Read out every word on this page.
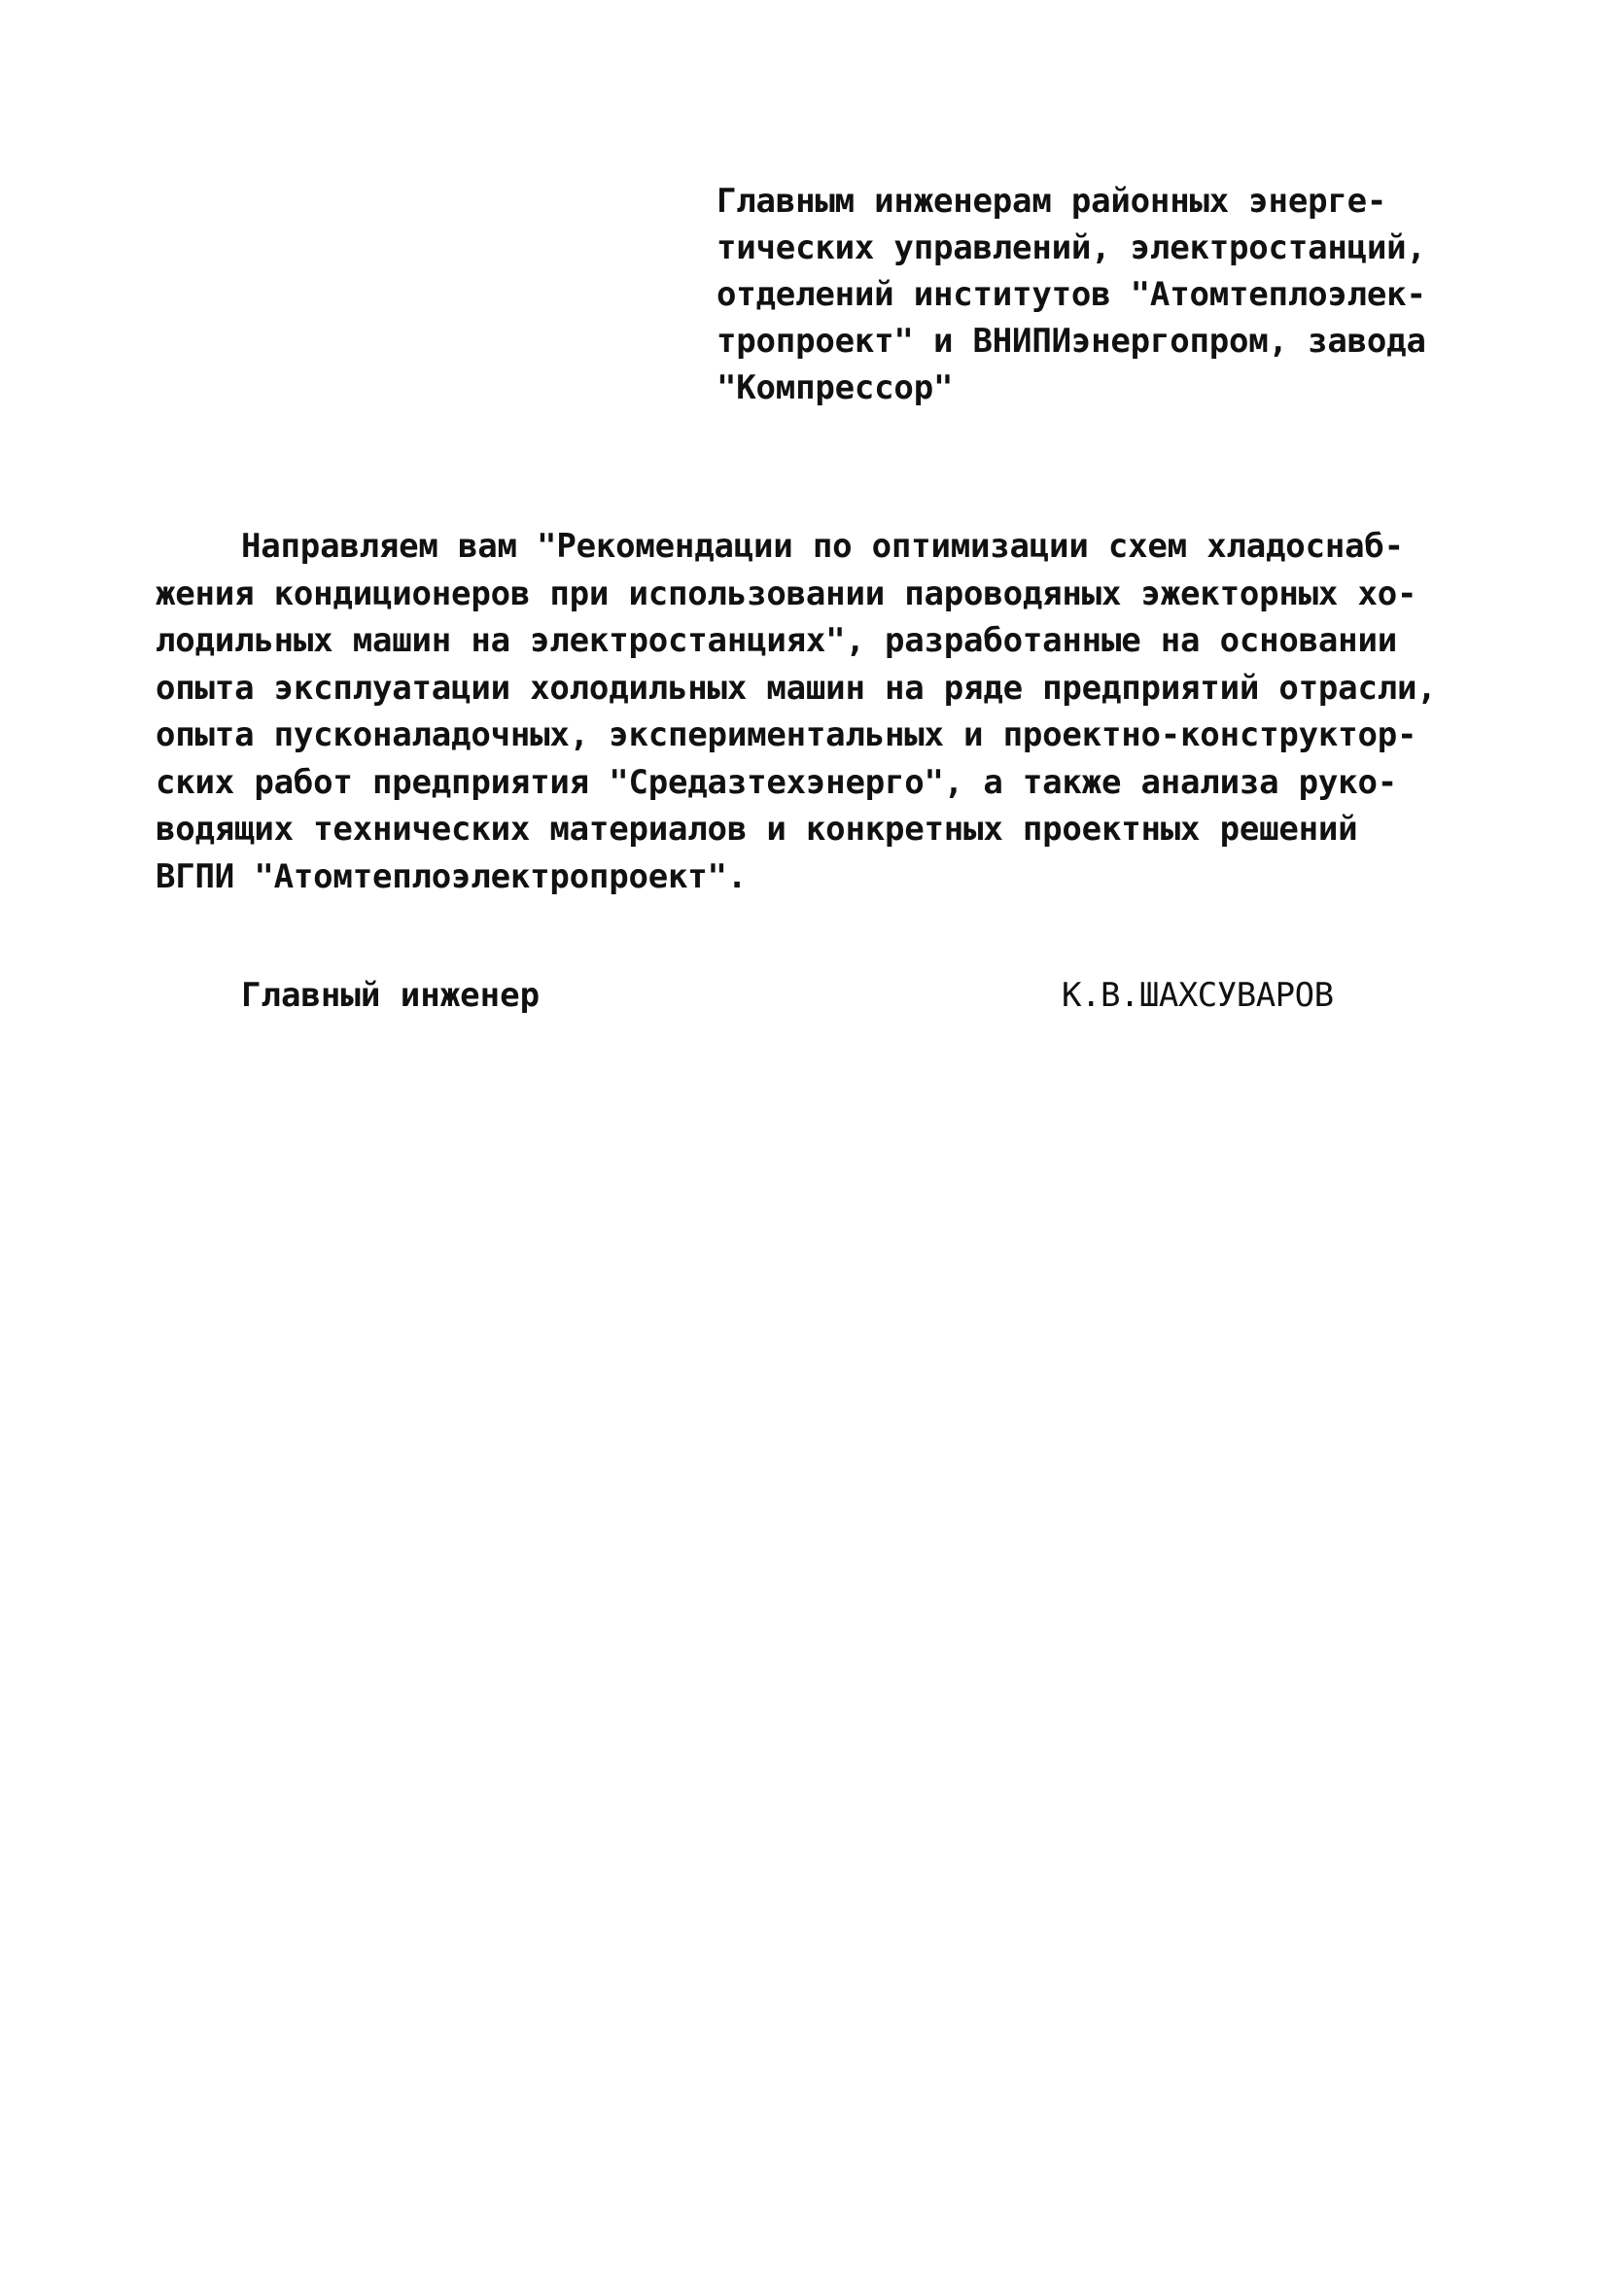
Главным инженерам районных энерге-
тических управлений, электростанций,
отделений институтов "Атомтеплоэлек-
тропроект" и ВНИПИэнергопром, завода
"Компрессор"
Направляем вам "Рекомендации по оптимизации схем хладоснаб-
жения кондиционеров при использовании пароводяных эжекторных хо-
лодильных машин на электростанциях", разработанные на основании
опыта эксплуатации холодильных машин на ряде предприятий отрасли,
опыта пусконаладочных, экспериментальных и проектно-конструктор-
ских работ предприятия "Средазтехэнерго", а также анализа руко-
водящих технических материалов и конкретных проектных решений
ВГПИ "Атомтеплоэлектропроект".
Главный инженер	К.В.ШАХСУВАРОВ
